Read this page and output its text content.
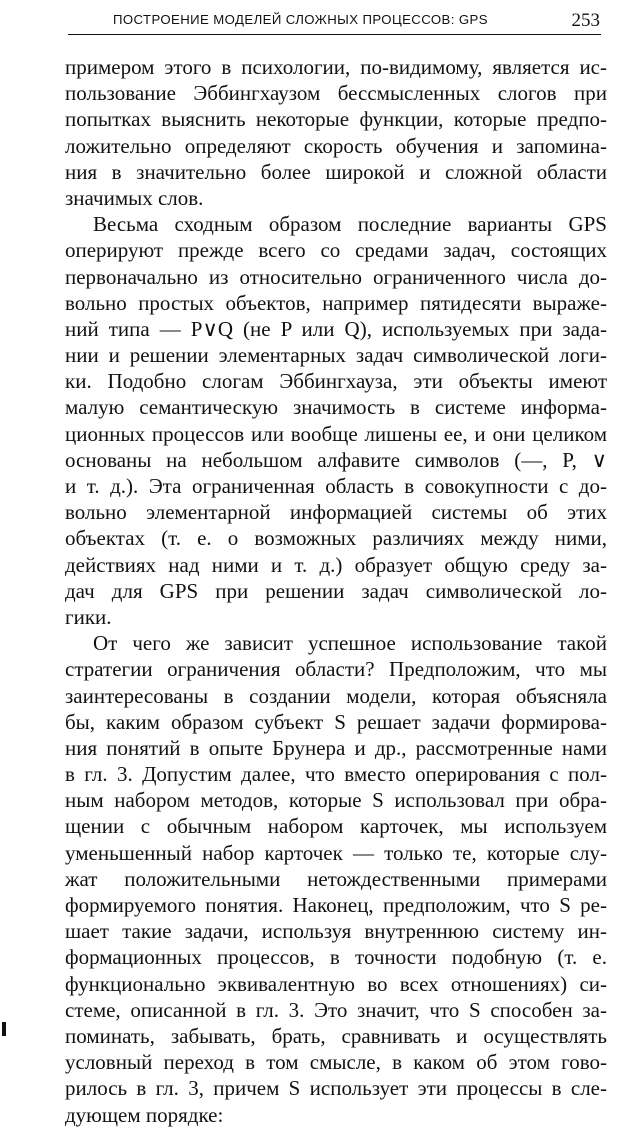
ПОСТРОЕНИЕ МОДЕЛЕЙ СЛОЖНЫХ ПРОЦЕССОВ: GPS	253
примером этого в психологии, по-видимому, является ис-
пользование Эббингхаузом бессмысленных слогов при
попытках выяснить некоторые функции, которые предпо-
ложительно определяют скорость обучения и запомина-
ния в значительно более широкой и сложной области
значимых слов.
Весьма сходным образом последние варианты GPS
оперируют прежде всего со средами задач, состоящих
первоначально из относительно ограниченного числа до-
вольно простых объектов, например пятидесяти выраже-
ний типа — P∨Q (не P или Q), используемых при зада-
нии и решении элементарных задач символической логи-
ки. Подобно слогам Эббингхауза, эти объекты имеют
малую семантическую значимость в системе информа-
ционных процессов или вообще лишены ее, и они целиком
основаны на небольшом алфавите символов (—, P, ∨
и т. д.). Эта ограниченная область в совокупности с до-
вольно элементарной информацией системы об этих
объектах (т. е. о возможных различиях между ними,
действиях над ними и т. д.) образует общую среду за-
дач для GPS при решении задач символической ло-
гики.
От чего же зависит успешное использование такой
стратегии ограничения области? Предположим, что мы
заинтересованы в создании модели, которая объясняла
бы, каким образом субъект S решает задачи формирова-
ния понятий в опыте Брунера и др., рассмотренные нами
в гл. 3. Допустим далее, что вместо оперирования с пол-
ным набором методов, которые S использовал при обра-
щении с обычным набором карточек, мы используем
уменьшенный набор карточек — только те, которые слу-
жат положительными нетождественными примерами
формируемого понятия. Наконец, предположим, что S ре-
шает такие задачи, используя внутреннюю систему ин-
формационных процессов, в точности подобную (т. е.
функционально эквивалентную во всех отношениях) си-
стеме, описанной в гл. 3. Это значит, что S способен за-
поминать, забывать, брать, сравнивать и осуществлять
условный переход в том смысле, в каком об этом гово-
рилось в гл. 3, причем S использует эти процессы в сле-
дующем порядке:
